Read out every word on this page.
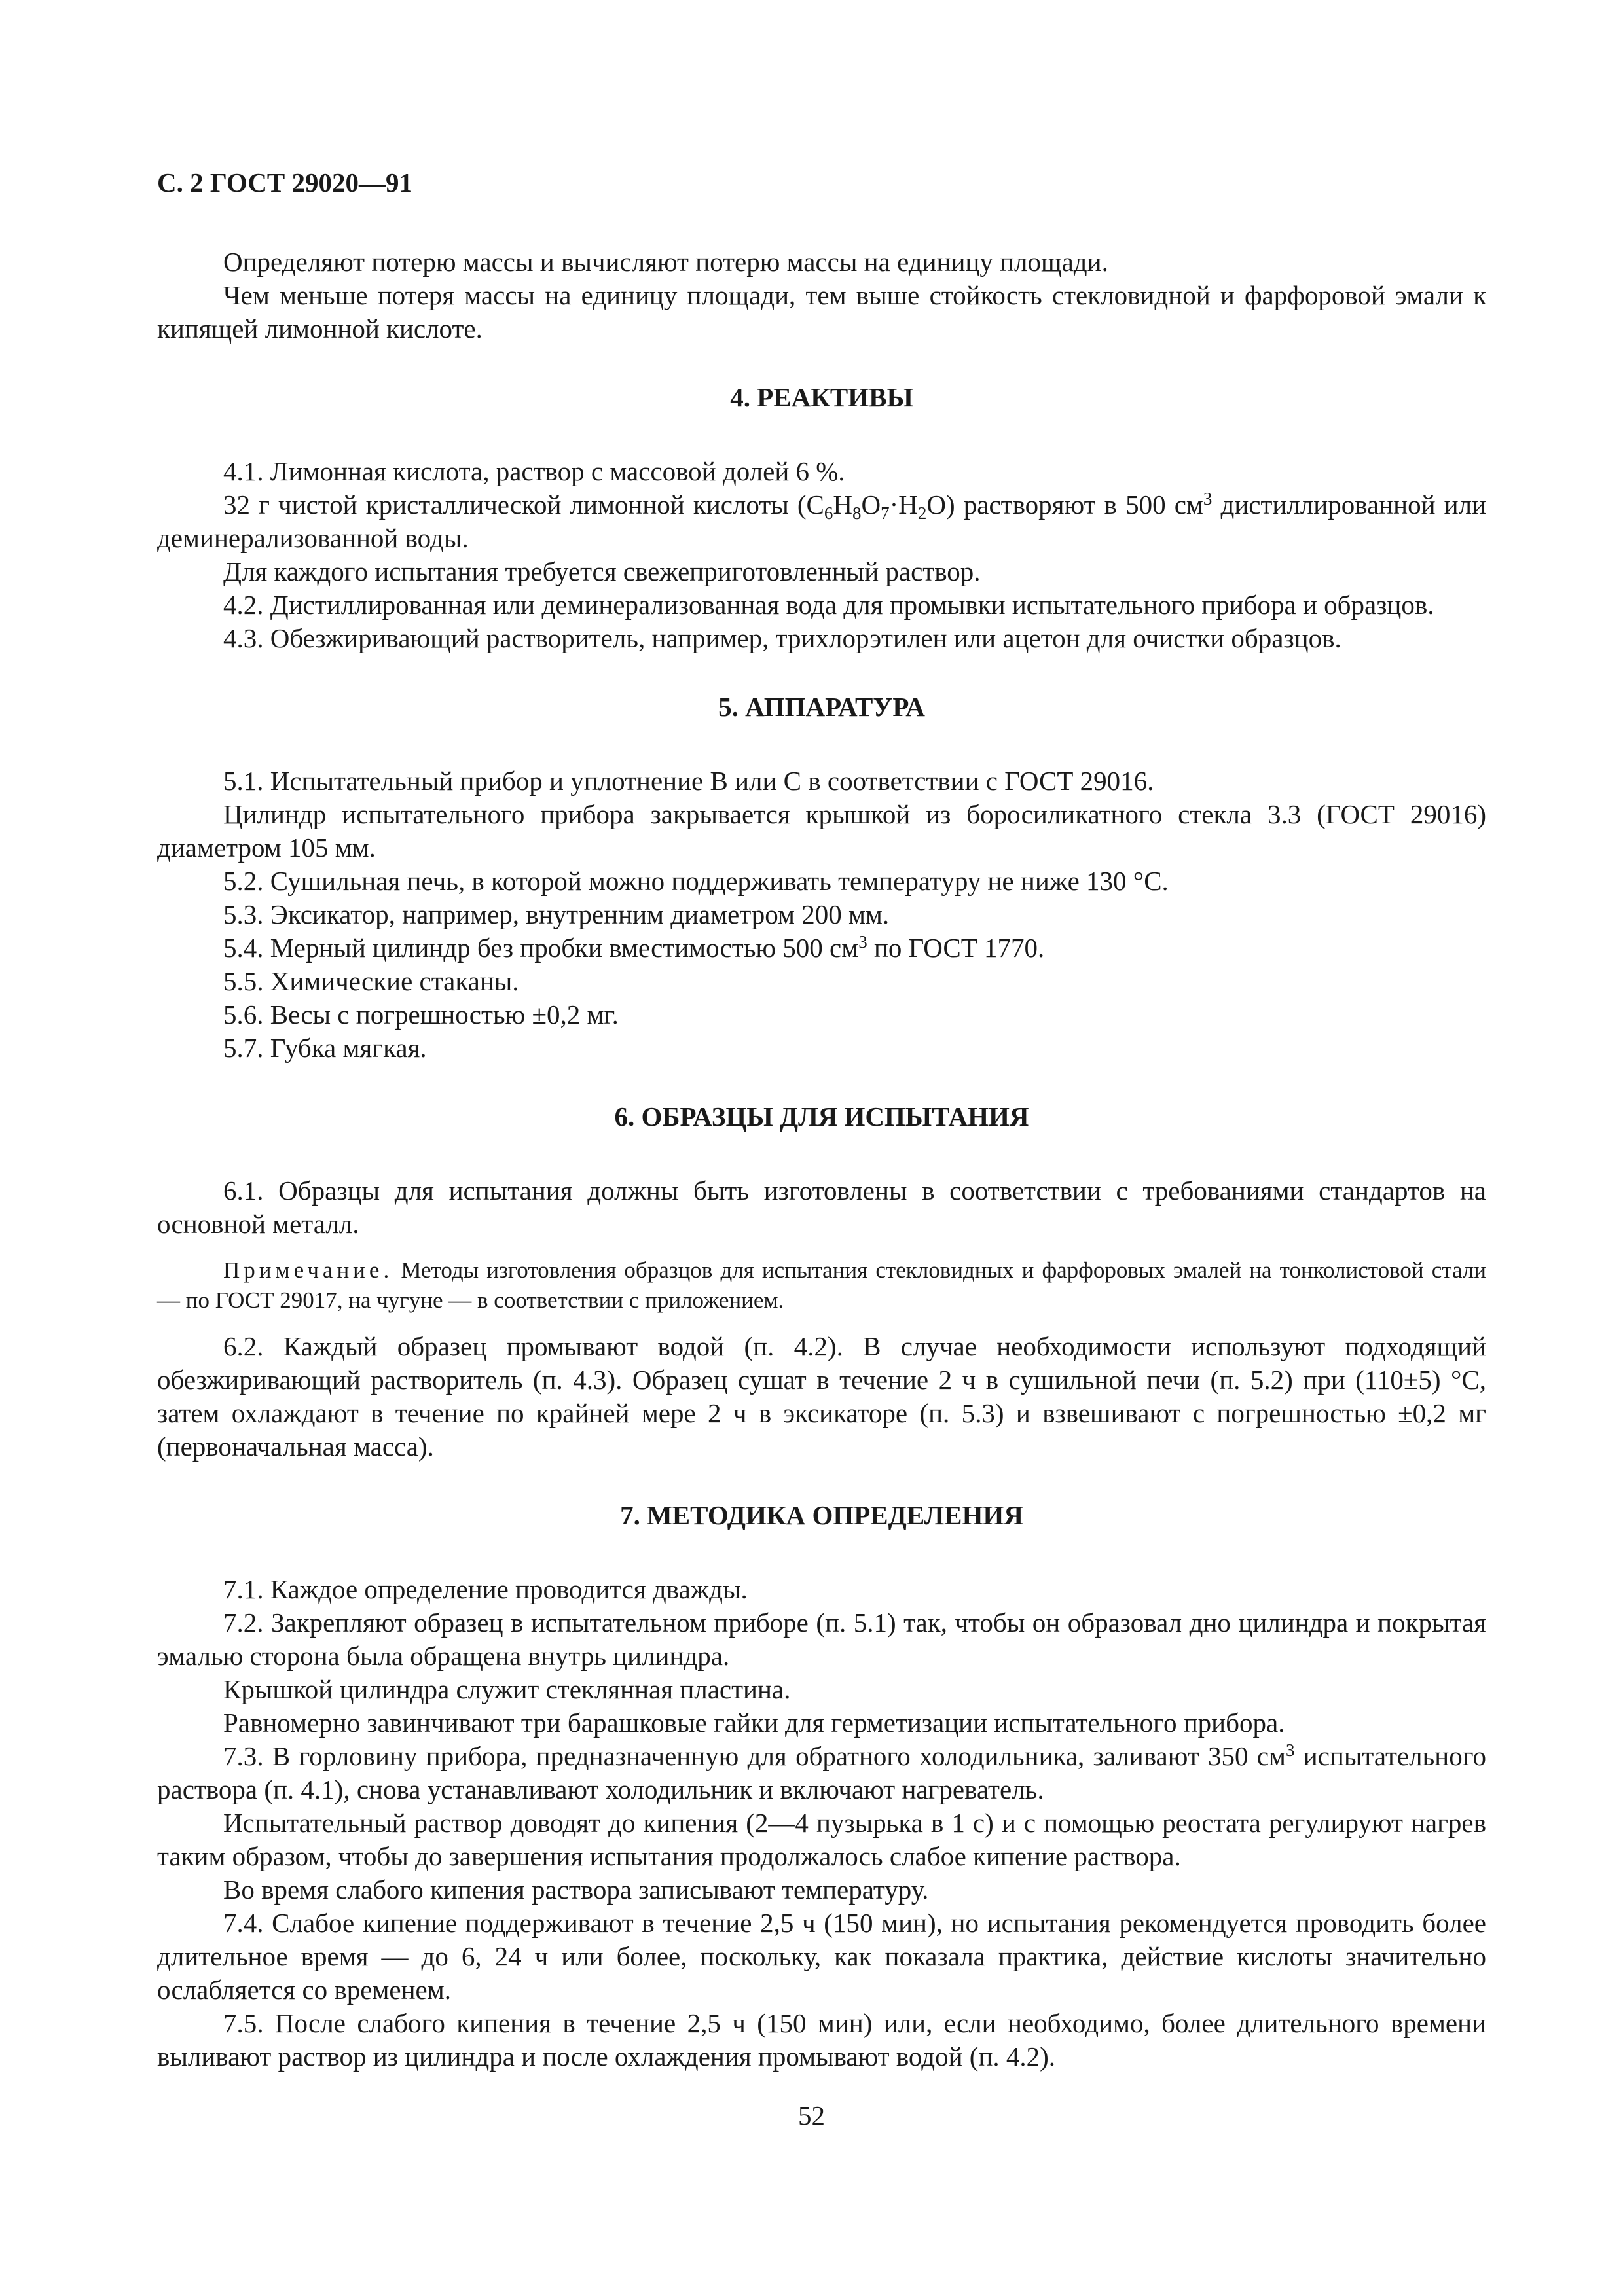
С. 2 ГОСТ 29020—91

Определяют потерю массы и вычисляют потерю массы на единицу площади.

Чем меньше потеря массы на единицу площади, тем выше стойкость стекловидной и фарфоровой эмали к кипящей лимонной кислоте.

4. РЕАКТИВЫ

4.1. Лимонная кислота, раствор с массовой долей 6 %.

32 г чистой кристаллической лимонной кислоты $(C_6H_8O_7\cdot H_2O)$ растворяют в 500 $см^3$ дистиллированной или деминерализованной воды.

Для каждого испытания требуется свежеприготовленный раствор.

4.2. Дистиллированная или деминерализованная вода для промывки испытательного прибора и образцов.

4.3. Обезжиривающий растворитель, например, трихлорэтилен или ацетон для очистки образцов.

5. АППАРАТУРА

5.1. Испытательный прибор и уплотнение В или С в соответствии с ГОСТ 29016.

Цилиндр испытательного прибора закрывается крышкой из боросиликатного стекла 3.3 (ГОСТ 29016) диаметром 105 мм.

5.2. Сушильная печь, в которой можно поддерживать температуру не ниже 130 °С.

5.3. Эксикатор, например, внутренним диаметром 200 мм.

5.4. Мерный цилиндр без пробки вместимостью 500 $см^3$ по ГОСТ 1770.

5.5. Химические стаканы.

5.6. Весы с погрешностью ±0,2 мг.

5.7. Губка мягкая.

6. ОБРАЗЦЫ ДЛЯ ИСПЫТАНИЯ

6.1. Образцы для испытания должны быть изготовлены в соответствии с требованиями стандартов на основной металл.

Примечание. Методы изготовления образцов для испытания стекловидных и фарфоровых эмалей на тонколистовой стали — по ГОСТ 29017, на чугуне — в соответствии с приложением.

6.2. Каждый образец промывают водой (п. 4.2). В случае необходимости используют подходящий обезжиривающий растворитель (п. 4.3). Образец сушат в течение 2 ч в сушильной печи (п. 5.2) при (110±5) °С, затем охлаждают в течение по крайней мере 2 ч в эксикаторе (п. 5.3) и взвешивают с погрешностью ±0,2 мг (первоначальная масса).

7. МЕТОДИКА ОПРЕДЕЛЕНИЯ

7.1. Каждое определение проводится дважды.

7.2. Закрепляют образец в испытательном приборе (п. 5.1) так, чтобы он образовал дно цилиндра и покрытая эмалью сторона была обращена внутрь цилиндра.

Крышкой цилиндра служит стеклянная пластина.

Равномерно завинчивают три барашковые гайки для герметизации испытательного прибора.

7.3. В горловину прибора, предназначенную для обратного холодильника, заливают 350 $см^3$ испытательного раствора (п. 4.1), снова устанавливают холодильник и включают нагреватель.

Испытательный раствор доводят до кипения (2—4 пузырька в 1 с) и с помощью реостата регулируют нагрев таким образом, чтобы до завершения испытания продолжалось слабое кипение раствора.

Во время слабого кипения раствора записывают температуру.

7.4. Слабое кипение поддерживают в течение 2,5 ч (150 мин), но испытания рекомендуется проводить более длительное время — до 6, 24 ч или более, поскольку, как показала практика, действие кислоты значительно ослабляется со временем.

7.5. После слабого кипения в течение 2,5 ч (150 мин) или, если необходимо, более длительного времени выливают раствор из цилиндра и после охлаждения промывают водой (п. 4.2).

52
